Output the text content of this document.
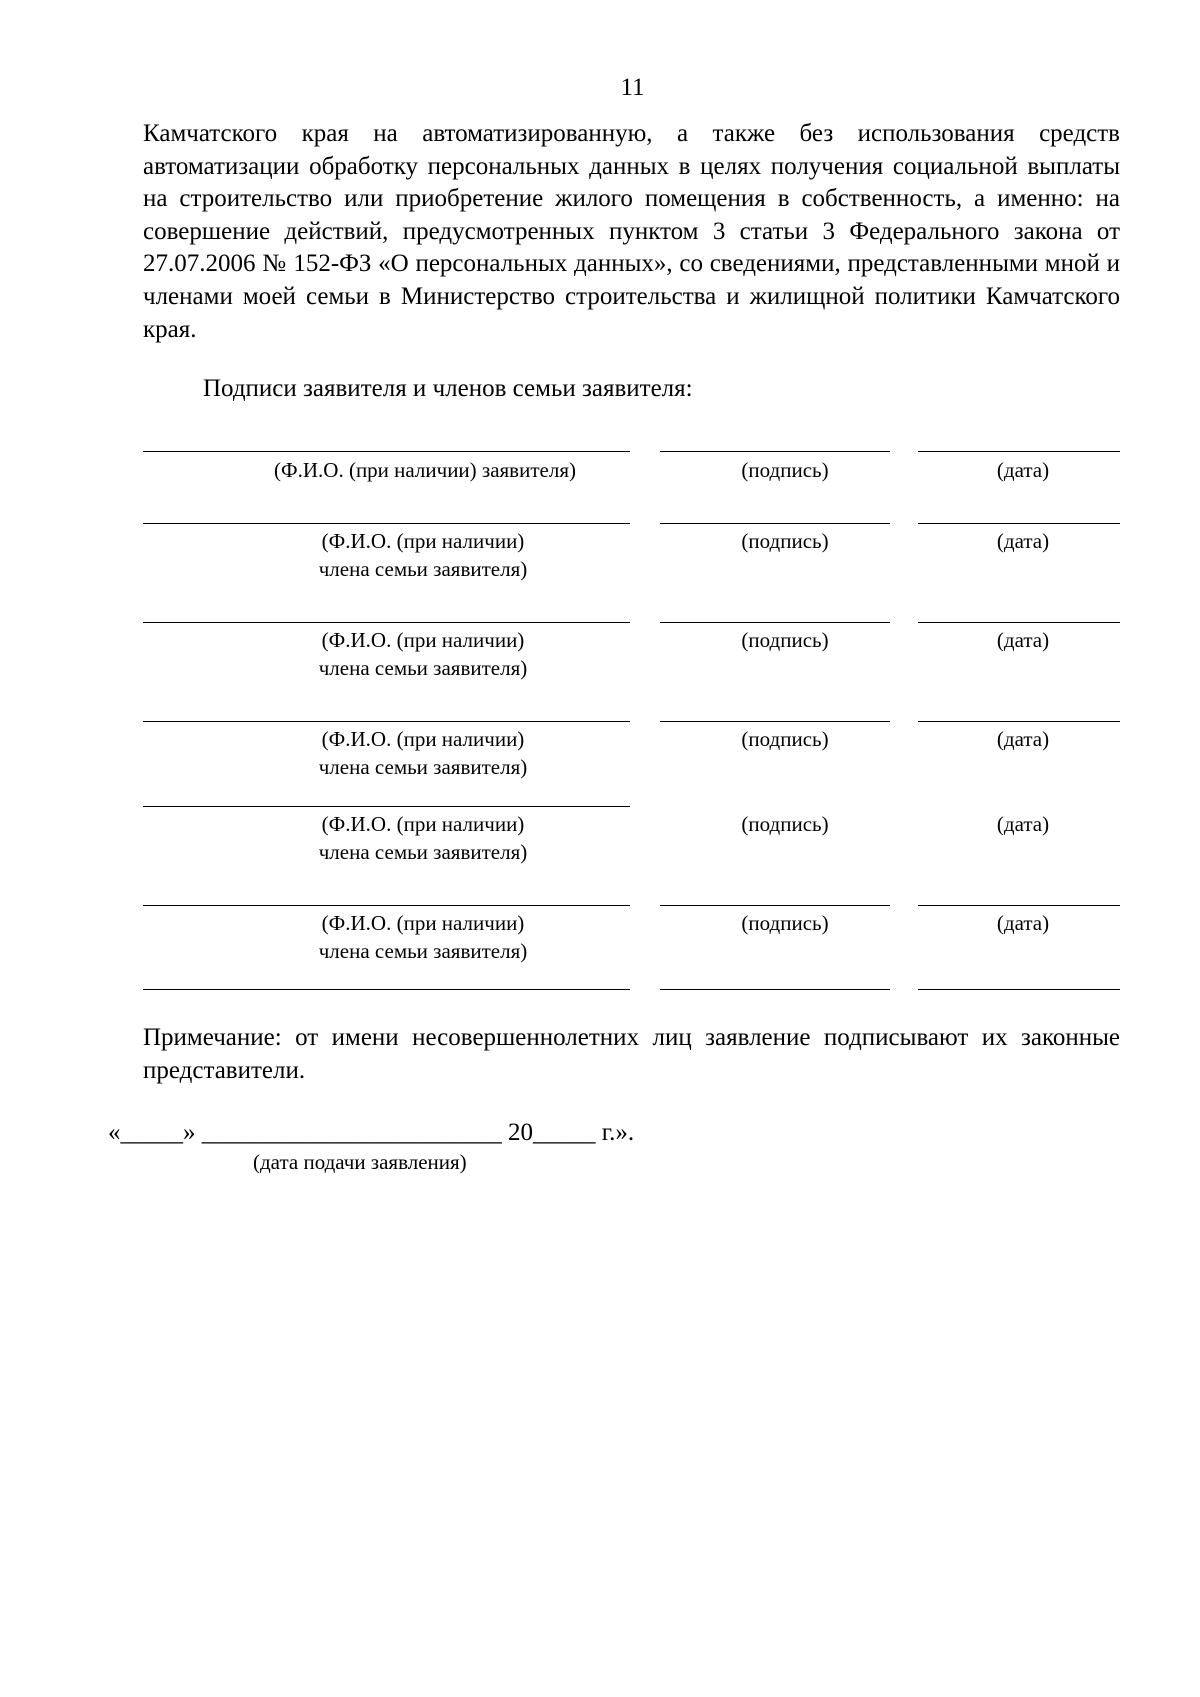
11

Камчатского края на автоматизированную, а также без использования средств автоматизации обработку персональных данных в целях получения социальной выплаты на строительство или приобретение жилого помещения в собственность, а именно: на совершение действий, предусмотренных пунктом 3 статьи 3 Федерального закона от 27.07.2006 № 152-ФЗ «О персональных данных», со сведениями, представленными мной и членами моей семьи в Министерство строительства и жилищной политики Камчатского края.

Подписи заявителя и членов семьи заявителя:
(Ф.И.О. (при наличии) заявителя)	(подпись)	(дата)
(Ф.И.О. (при наличии)
члена семьи заявителя)
(подпись)	(дата)
(Ф.И.О. (при наличии)
члена семьи заявителя)
(подпись)	(дата)
(Ф.И.О. (при наличии)
члена семьи заявителя)
(подпись)	(дата)
(Ф.И.О. (при наличии)
члена семьи заявителя)
(подпись)	(дата)
(Ф.И.О. (при наличии)
члена семьи заявителя)
(подпись)	(дата)

Примечание: от имени несовершеннолетних лиц заявление подписывают их законные представители.

«_____» ________________________ 20_____ г.».
(дата подачи заявления)
